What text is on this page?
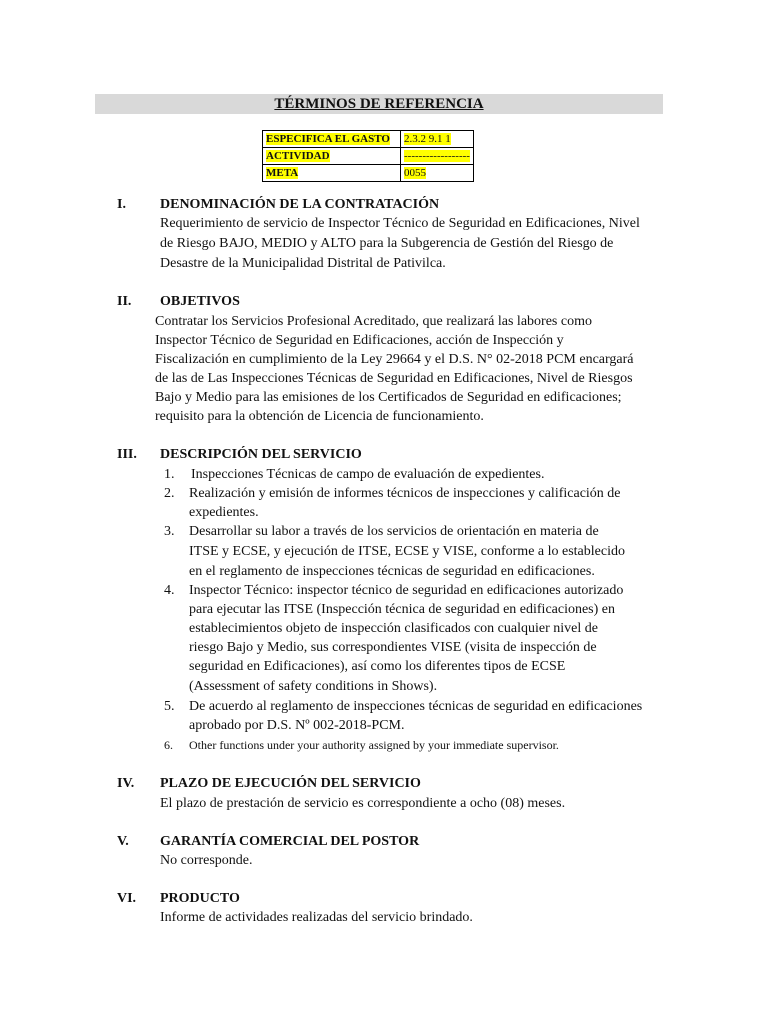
TÉRMINOS DE REFERENCIA
ESPECIFICA EL GASTO	2.3.2 9.1 1
ACTIVIDAD	------------------
META	0055
I. DENOMINACIÓN DE LA CONTRATACIÓN
Requerimiento de servicio de Inspector Técnico de Seguridad en Edificaciones, Nivel
de Riesgo BAJO, MEDIO y ALTO para la Subgerencia de Gestión del Riesgo de
Desastre de la Municipalidad Distrital de Pativilca.
II. OBJETIVOS
Contratar los Servicios Profesional Acreditado, que realizará las labores como
Inspector Técnico de Seguridad en Edificaciones, acción de Inspección y
Fiscalización en cumplimiento de la Ley 29664 y el D.S. N° 02-2018 PCM encargará
de las de Las Inspecciones Técnicas de Seguridad en Edificaciones, Nivel de Riesgos
Bajo y Medio para las emisiones de los Certificados de Seguridad en edificaciones;
requisito para la obtención de Licencia de funcionamiento.
III. DESCRIPCIÓN DEL SERVICIO
1. Inspecciones Técnicas de campo de evaluación de expedientes.
2. Realización y emisión de informes técnicos de inspecciones y calificación de
expedientes.
3. Desarrollar su labor a través de los servicios de orientación en materia de
ITSE y ECSE, y ejecución de ITSE, ECSE y VISE, conforme a lo establecido
en el reglamento de inspecciones técnicas de seguridad en edificaciones.
4. Inspector Técnico: inspector técnico de seguridad en edificaciones autorizado
para ejecutar las ITSE (Inspección técnica de seguridad en edificaciones) en
establecimientos objeto de inspección clasificados con cualquier nivel de
riesgo Bajo y Medio, sus correspondientes VISE (visita de inspección de
seguridad en Edificaciones), así como los diferentes tipos de ECSE
(Assessment of safety conditions in Shows).
5. De acuerdo al reglamento de inspecciones técnicas de seguridad en edificaciones
aprobado por D.S. Nº 002-2018-PCM.
6. Other functions under your authority assigned by your immediate supervisor.
IV. PLAZO DE EJECUCIÓN DEL SERVICIO
El plazo de prestación de servicio es correspondiente a ocho (08) meses.
V. GARANTÍA COMERCIAL DEL POSTOR
No corresponde.
VI. PRODUCTO
Informe de actividades realizadas del servicio brindado.
